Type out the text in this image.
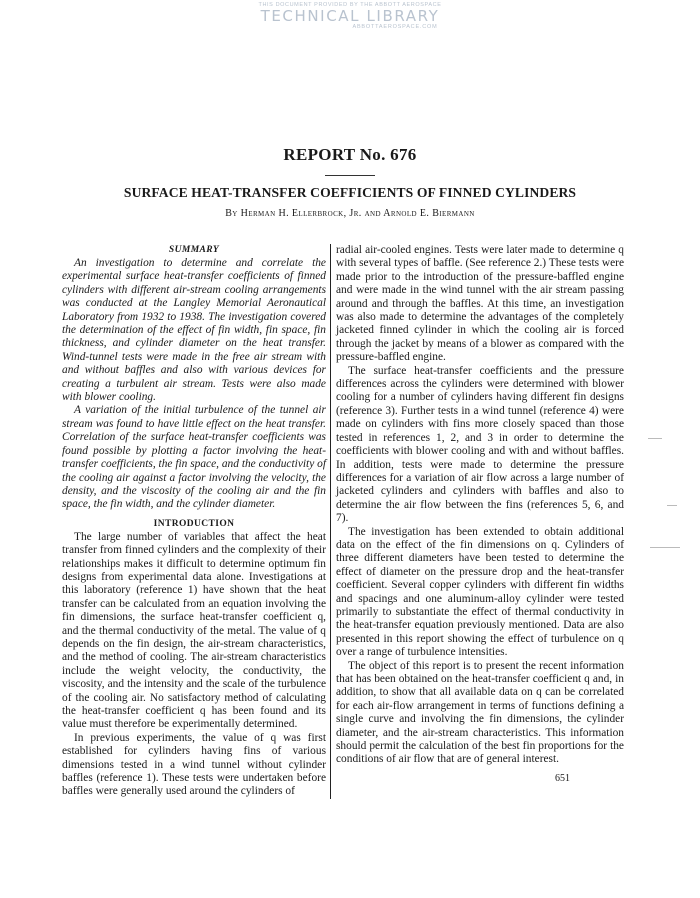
THIS DOCUMENT PROVIDED BY THE ABBOTT AEROSPACE
TECHNICAL LIBRARY
ABBOTTAEROSPACE.COM
REPORT No. 676
SURFACE HEAT-TRANSFER COEFFICIENTS OF FINNED CYLINDERS
By Herman H. Ellerbrock, Jr. and Arnold E. Biermann

SUMMARY

An investigation to determine and correlate the experimental surface heat-transfer coefficients of finned cylinders with different air-stream cooling arrangements was conducted at the Langley Memorial Aeronautical Laboratory from 1932 to 1938. The investigation covered the determination of the effect of fin width, fin space, fin thickness, and cylinder diameter on the heat transfer. Wind-tunnel tests were made in the free air stream with and without baffles and also with various devices for creating a turbulent air stream. Tests were also made with blower cooling.

A variation of the initial turbulence of the tunnel air stream was found to have little effect on the heat transfer. Correlation of the surface heat-transfer coefficients was found possible by plotting a factor involving the heat-transfer coefficients, the fin space, and the conductivity of the cooling air against a factor involving the velocity, the density, and the viscosity of the cooling air and the fin space, the fin width, and the cylinder diameter.

INTRODUCTION

The large number of variables that affect the heat transfer from finned cylinders and the complexity of their relationships makes it difficult to determine optimum fin designs from experimental data alone. Investigations at this laboratory (reference 1) have shown that the heat transfer can be calculated from an equation involving the fin dimensions, the surface heat-transfer coefficient q, and the thermal conductivity of the metal. The value of q depends on the fin design, the air-stream characteristics, and the method of cooling. The air-stream characteristics include the weight velocity, the conductivity, the viscosity, and the intensity and the scale of the turbulence of the cooling air. No satisfactory method of calculating the heat-transfer coefficient q has been found and its value must therefore be experimentally determined.

In previous experiments, the value of q was first established for cylinders having fins of various dimensions tested in a wind tunnel without cylinder baffles (reference 1). These tests were undertaken before baffles were generally used around the cylinders of

radial air-cooled engines. Tests were later made to determine q with several types of baffle. (See reference 2.) These tests were made prior to the introduction of the pressure-baffled engine and were made in the wind tunnel with the air stream passing around and through the baffles. At this time, an investigation was also made to determine the advantages of the completely jacketed finned cylinder in which the cooling air is forced through the jacket by means of a blower as compared with the pressure-baffled engine.

The surface heat-transfer coefficients and the pressure differences across the cylinders were determined with blower cooling for a number of cylinders having different fin designs (reference 3). Further tests in a wind tunnel (reference 4) were made on cylinders with fins more closely spaced than those tested in references 1, 2, and 3 in order to determine the coefficients with blower cooling and with and without baffles. In addition, tests were made to determine the pressure differences for a variation of air flow across a large number of jacketed cylinders and cylinders with baffles and also to determine the air flow between the fins (references 5, 6, and 7).

The investigation has been extended to obtain additional data on the effect of the fin dimensions on q. Cylinders of three different diameters have been tested to determine the effect of diameter on the pressure drop and the heat-transfer coefficient. Several copper cylinders with different fin widths and spacings and one aluminum-alloy cylinder were tested primarily to substantiate the effect of thermal conductivity in the heat-transfer equation previously mentioned. Data are also presented in this report showing the effect of turbulence on q over a range of turbulence intensities.

The object of this report is to present the recent information that has been obtained on the heat-transfer coefficient q and, in addition, to show that all available data on q can be correlated for each air-flow arrangement in terms of functions defining a single curve and involving the fin dimensions, the cylinder diameter, and the air-stream characteristics. This information should permit the calculation of the best fin proportions for the conditions of air flow that are of general interest.

651
